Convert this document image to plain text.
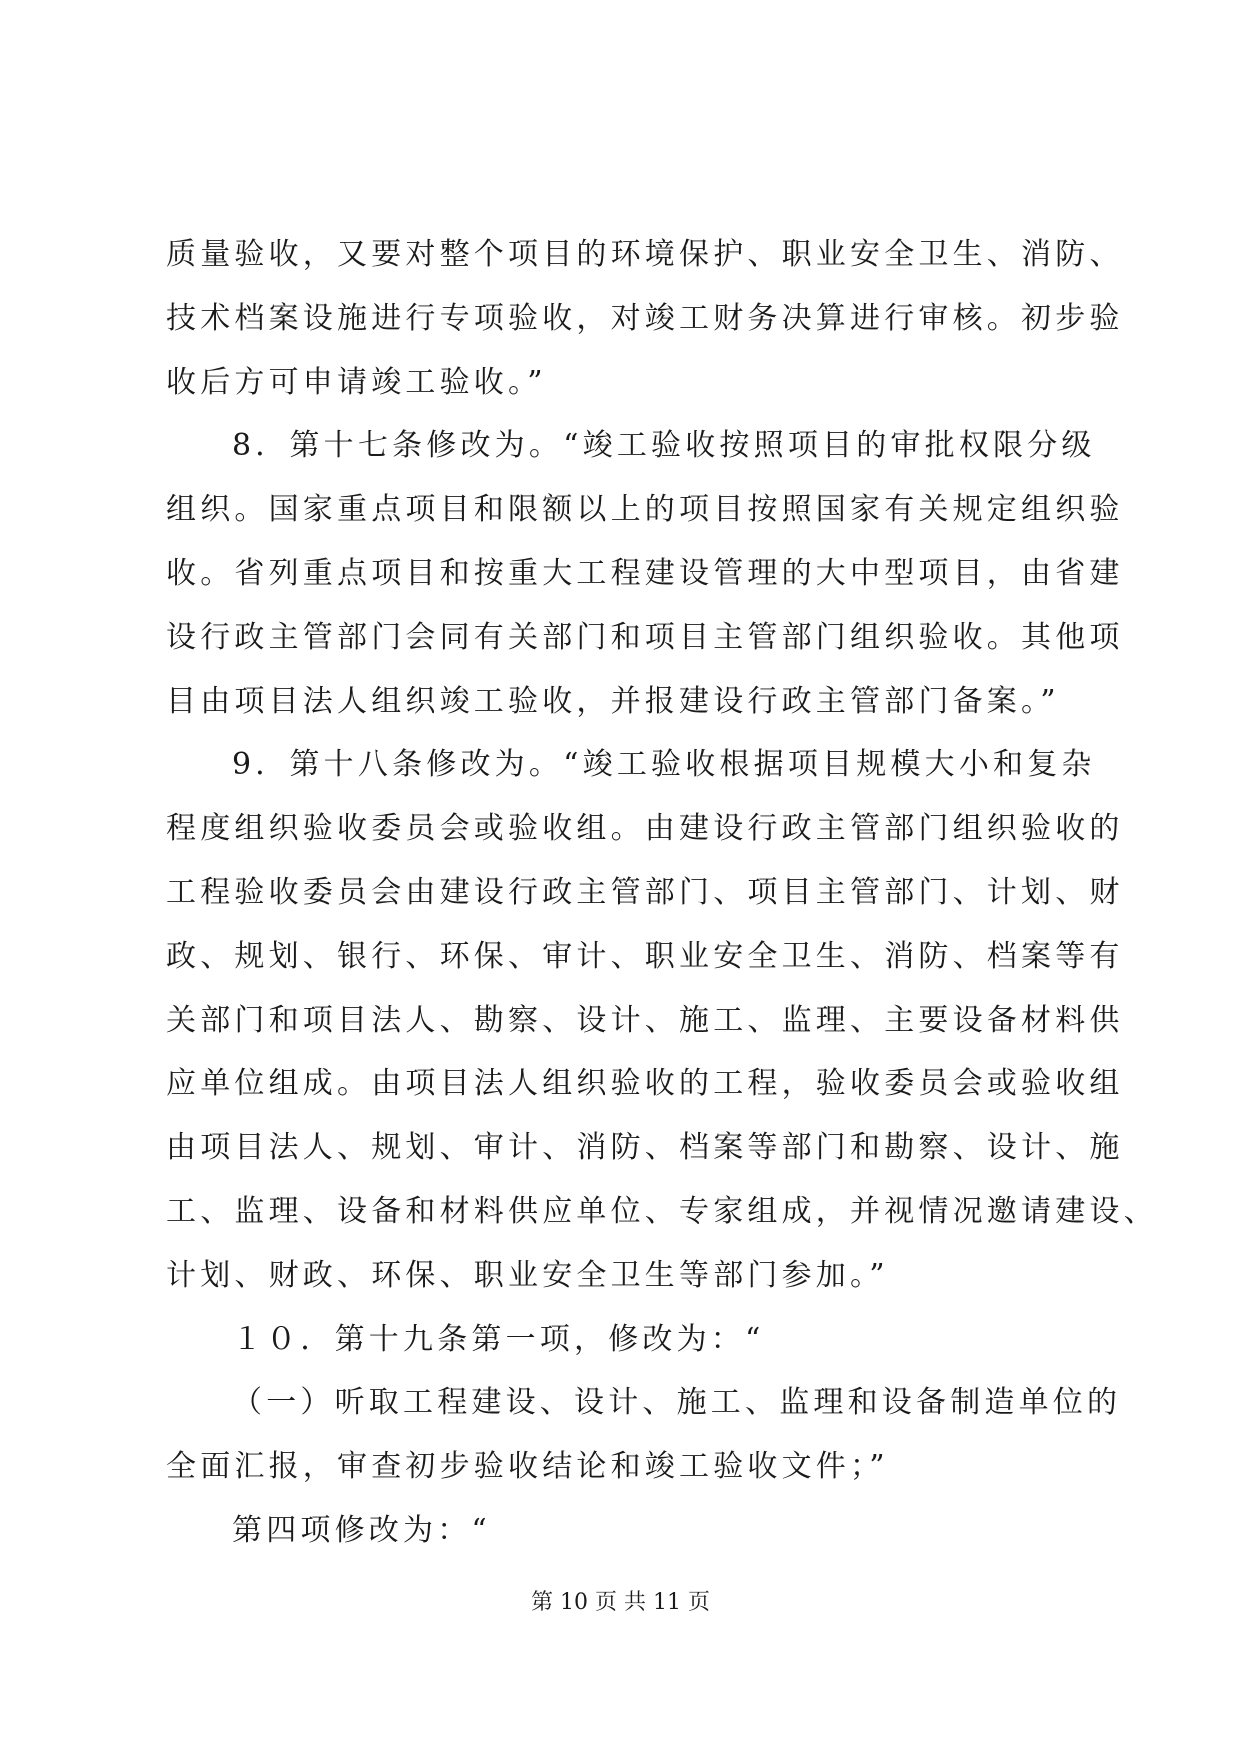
质量验收，又要对整个项目的环境保护、职业安全卫生、消防、
技术档案设施进行专项验收，对竣工财务决算进行审核。初步验
收后方可申请竣工验收。”
8．第十七条修改为。“竣工验收按照项目的审批权限分级
组织。国家重点项目和限额以上的项目按照国家有关规定组织验
收。省列重点项目和按重大工程建设管理的大中型项目，由省建
设行政主管部门会同有关部门和项目主管部门组织验收。其他项
目由项目法人组织竣工验收，并报建设行政主管部门备案。”
9．第十八条修改为。“竣工验收根据项目规模大小和复杂
程度组织验收委员会或验收组。由建设行政主管部门组织验收的
工程验收委员会由建设行政主管部门、项目主管部门、计划、财
政、规划、银行、环保、审计、职业安全卫生、消防、档案等有
关部门和项目法人、勘察、设计、施工、监理、主要设备材料供
应单位组成。由项目法人组织验收的工程，验收委员会或验收组
由项目法人、规划、审计、消防、档案等部门和勘察、设计、施
工、监理、设备和材料供应单位、专家组成，并视情况邀请建设、
计划、财政、环保、职业安全卫生等部门参加。”
１０．第十九条第一项，修改为：“
（一）听取工程建设、设计、施工、监理和设备制造单位的
全面汇报，审查初步验收结论和竣工验收文件；”
第四项修改为：“
第 10 页 共 11 页
